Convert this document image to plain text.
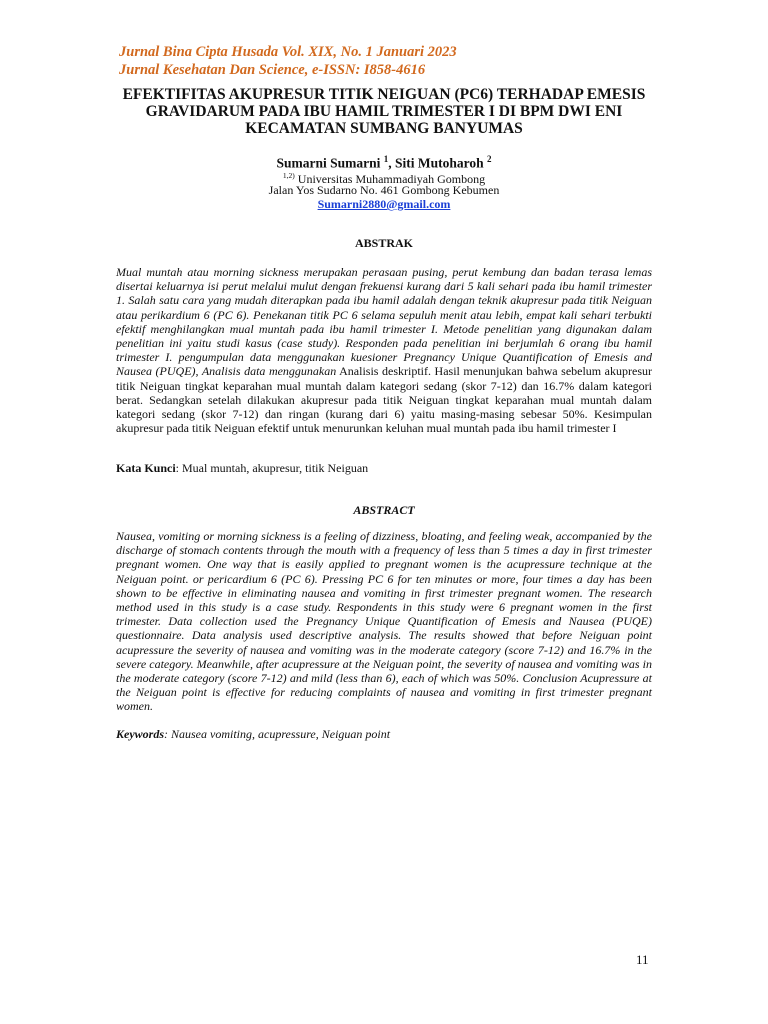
Jurnal Bina Cipta Husada Vol. XIX, No. 1 Januari 2023
Jurnal Kesehatan Dan Science, e-ISSN: I858-4616
EFEKTIFITAS AKUPRESUR TITIK NEIGUAN (PC6) TERHADAP EMESIS
GRAVIDARUM PADA IBU HAMIL TRIMESTER I DI BPM DWI ENI
KECAMATAN SUMBANG BANYUMAS
Sumarni Sumarni $^1$, Siti Mutoharoh $^2$
$^{1,2)}$ Universitas Muhammadiyah Gombong
Jalan Yos Sudarno No. 461 Gombong Kebumen
Sumarni2880@gmail.com
ABSTRAK
Mual muntah atau morning sickness merupakan perasaan pusing, perut kembung dan badan terasa lemas disertai keluarnya isi perut melalui mulut dengan frekuensi kurang dari 5 kali sehari pada ibu hamil trimester 1. Salah satu cara yang mudah diterapkan pada ibu hamil adalah dengan teknik akupresur pada titik Neiguan atau perikardium 6 (PC 6). Penekanan titik PC 6 selama sepuluh menit atau lebih, empat kali sehari terbukti efektif menghilangkan mual muntah pada ibu hamil trimester I. Metode penelitian yang digunakan dalam penelitian ini yaitu studi kasus (case study). Responden pada penelitian ini berjumlah 6 orang ibu hamil trimester I. pengumpulan data menggunakan kuesioner Pregnancy Unique Quantification of Emesis and Nausea (PUQE), Analisis data menggunakan Analisis deskriptif. Hasil menunjukan bahwa sebelum akupresur titik Neiguan tingkat keparahan mual muntah dalam kategori sedang (skor 7-12) dan 16.7% dalam kategori berat. Sedangkan setelah dilakukan akupresur pada titik Neiguan tingkat keparahan mual muntah dalam kategori sedang (skor 7-12) dan ringan (kurang dari 6) yaitu masing-masing sebesar 50%. Kesimpulan akupresur pada titik Neiguan efektif untuk menurunkan keluhan mual muntah pada ibu hamil trimester I
Kata Kunci: Mual muntah, akupresur, titik Neiguan
ABSTRACT
Nausea, vomiting or morning sickness is a feeling of dizziness, bloating, and feeling weak, accompanied by the discharge of stomach contents through the mouth with a frequency of less than 5 times a day in first trimester pregnant women. One way that is easily applied to pregnant women is the acupressure technique at the Neiguan point. or pericardium 6 (PC 6). Pressing PC 6 for ten minutes or more, four times a day has been shown to be effective in eliminating nausea and vomiting in first trimester pregnant women. The research method used in this study is a case study. Respondents in this study were 6 pregnant women in the first trimester. Data collection used the Pregnancy Unique Quantification of Emesis and Nausea (PUQE) questionnaire. Data analysis used descriptive analysis. The results showed that before Neiguan point acupressure the severity of nausea and vomiting was in the moderate category (score 7-12) and 16.7% in the severe category. Meanwhile, after acupressure at the Neiguan point, the severity of nausea and vomiting was in the moderate category (score 7-12) and mild (less than 6), each of which was 50%. Conclusion Acupressure at the Neiguan point is effective for reducing complaints of nausea and vomiting in first trimester pregnant women.
Keywords: Nausea vomiting, acupressure, Neiguan point
11
